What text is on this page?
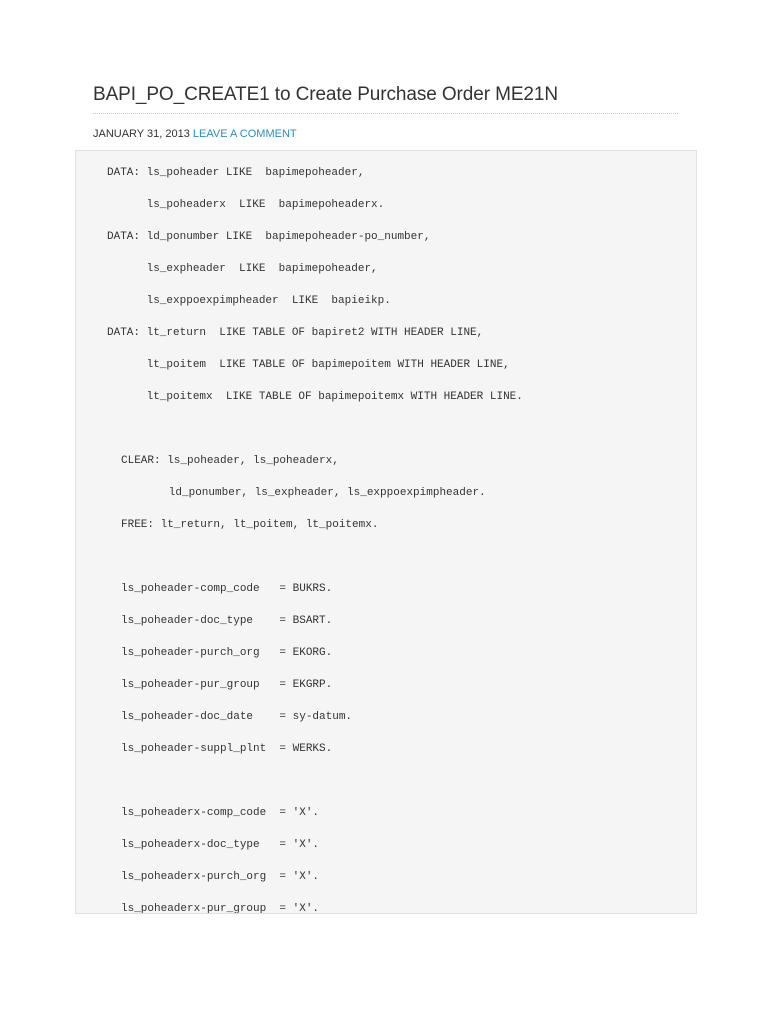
BAPI_PO_CREATE1 to Create Purchase Order ME21N
JANUARY 31, 2013 LEAVE A COMMENT
DATA: ls_poheader LIKE  bapimepoheader,
ls_poheaderx  LIKE  bapimepoheaderx.
DATA: ld_ponumber LIKE  bapimepoheader-po_number,
ls_expheader  LIKE  bapimepoheader,
ls_exppoexpimpheader  LIKE  bapieikp.
DATA: lt_return  LIKE TABLE OF bapiret2 WITH HEADER LINE,
lt_poitem  LIKE TABLE OF bapimepoitem WITH HEADER LINE,
lt_poitemx  LIKE TABLE OF bapimepoitemx WITH HEADER LINE.
CLEAR: ls_poheader, ls_poheaderx,
ld_ponumber, ls_expheader, ls_exppoexpimpheader.
FREE: lt_return, lt_poitem, lt_poitemx.
ls_poheader-comp_code   = BUKRS.
ls_poheader-doc_type    = BSART.
ls_poheader-purch_org   = EKORG.
ls_poheader-pur_group   = EKGRP.
ls_poheader-doc_date    = sy-datum.
ls_poheader-suppl_plnt  = WERKS.
ls_poheaderx-comp_code  = 'X'.
ls_poheaderx-doc_type   = 'X'.
ls_poheaderx-purch_org  = 'X'.
ls_poheaderx-pur_group  = 'X'.
